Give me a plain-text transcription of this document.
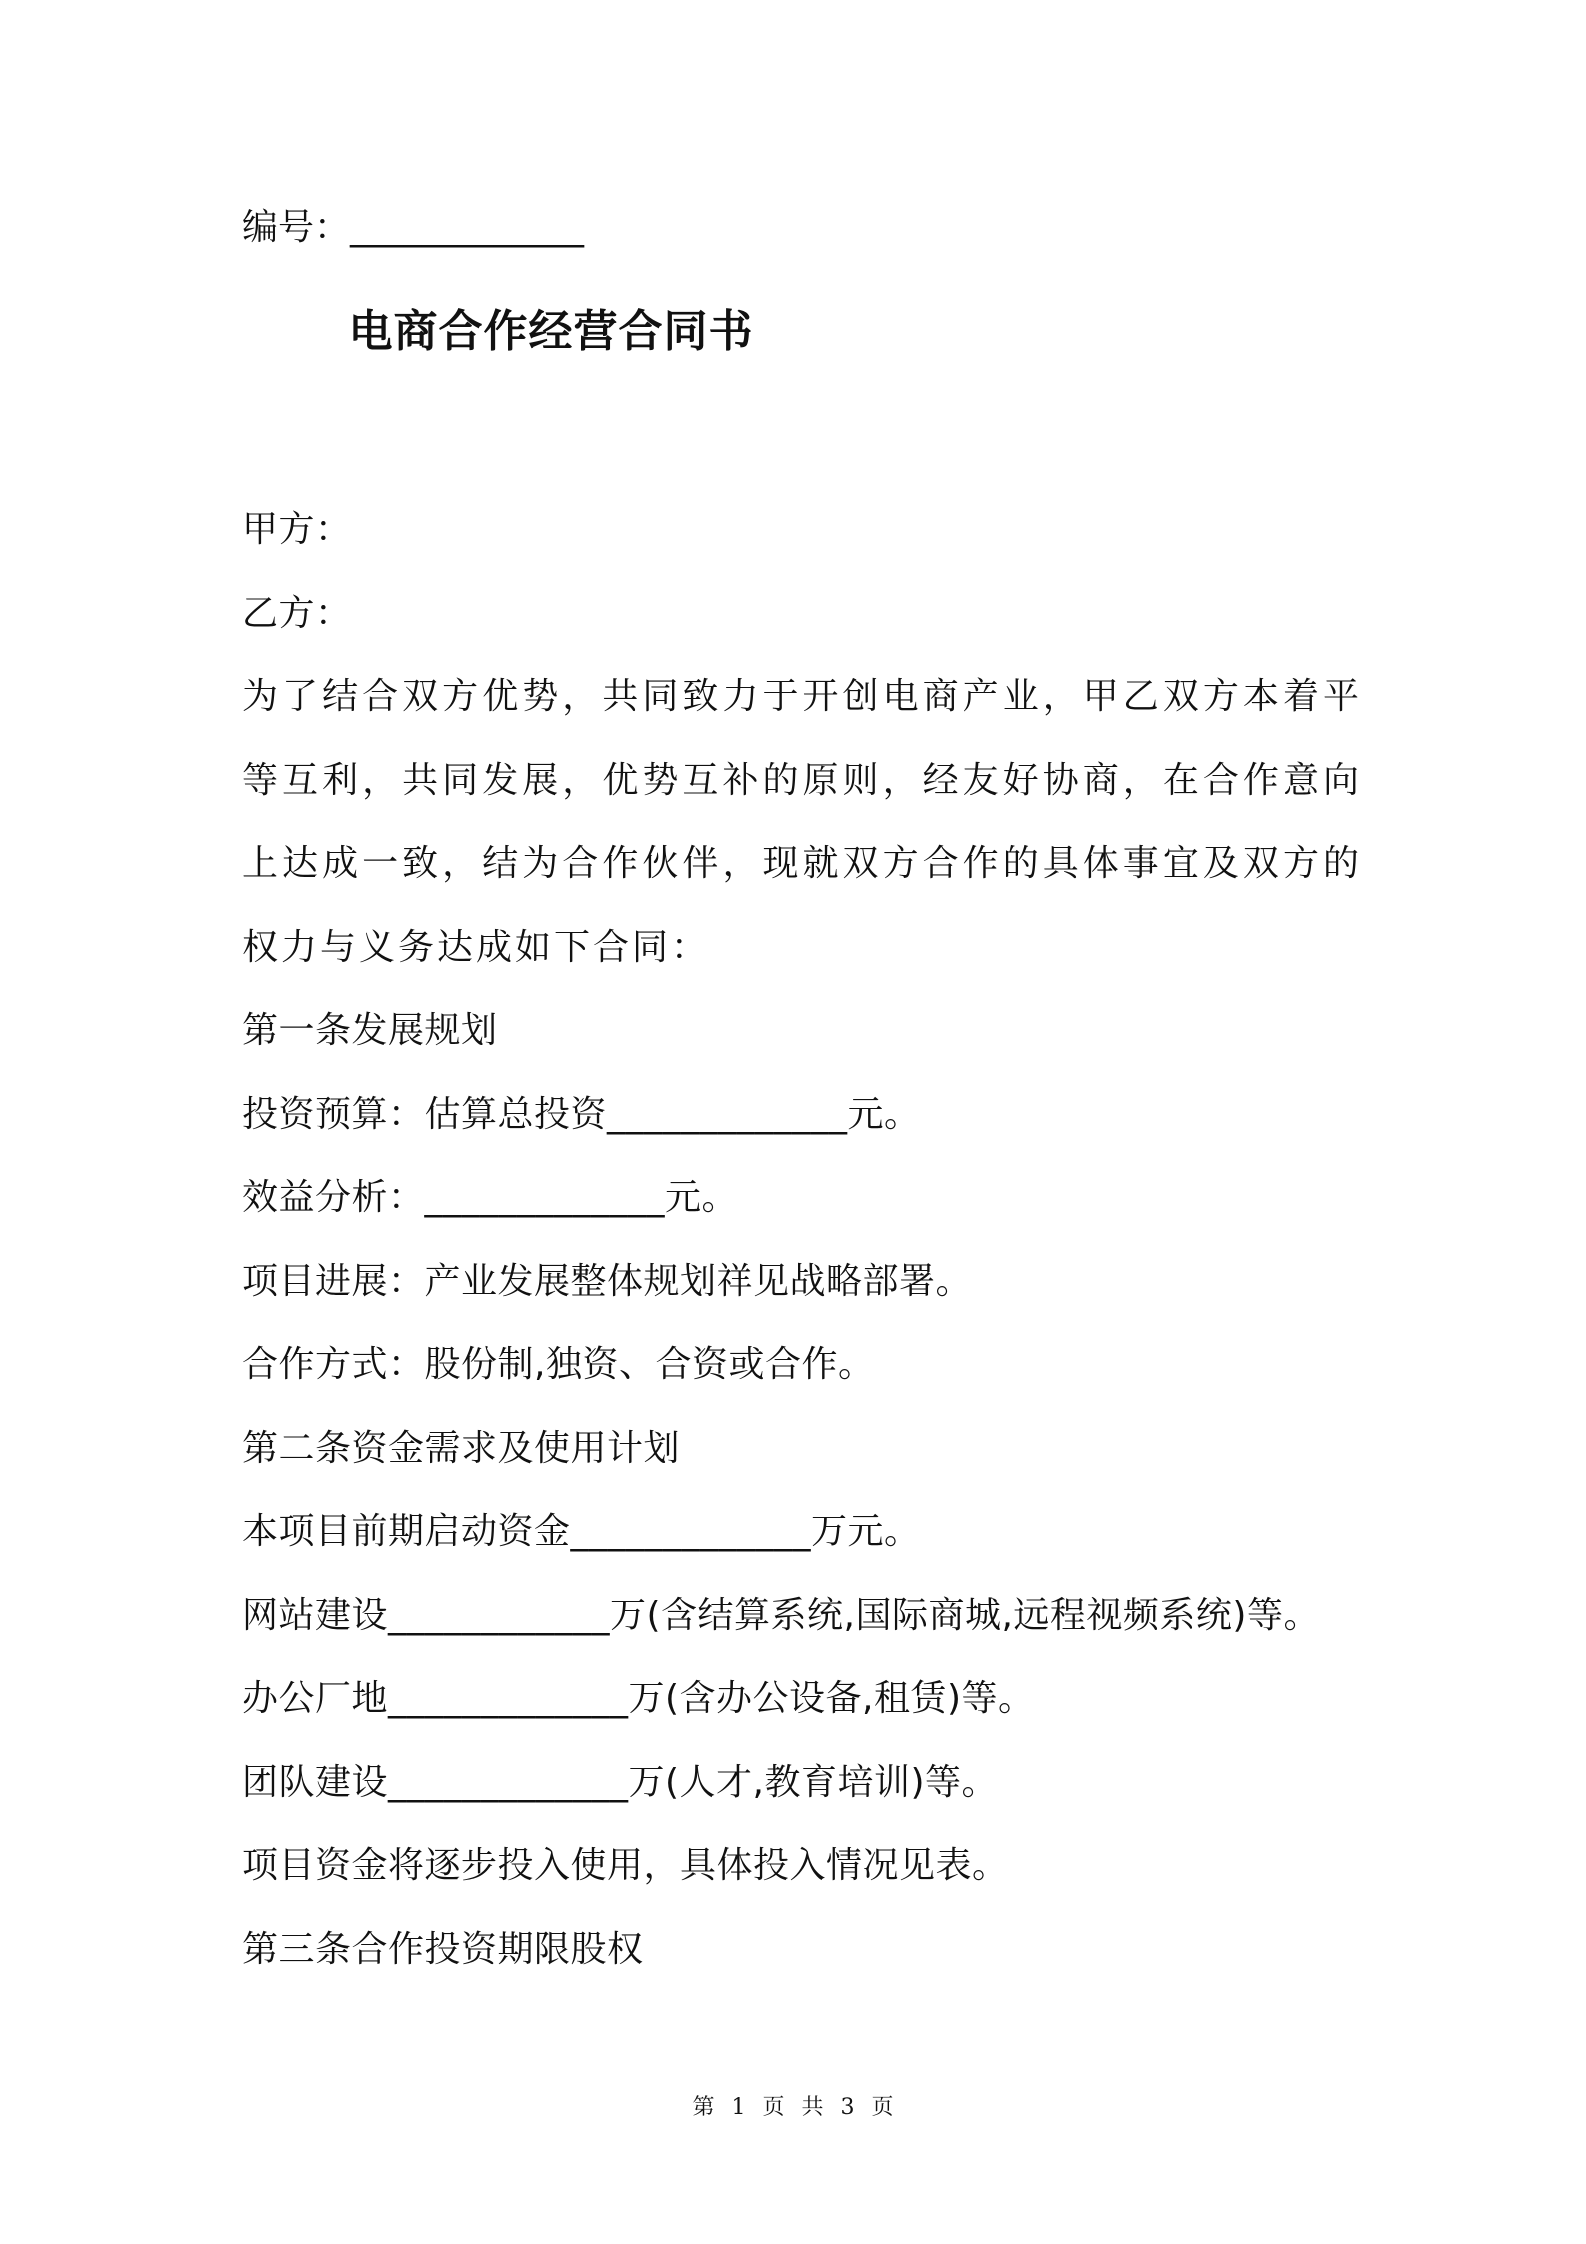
编号：_____________
甲方：
乙方：
为了结合双方优势，共同致力于开创电商产业，甲乙双方本着平等互利，共同发展，优势互补的原则，经友好协商，在合作意向上达成一致，结为合作伙伴，现就双方合作的具体事宜及双方的权力与义务达成如下合同：
第一条发展规划
投资预算：估算总投资_____________元。
效益分析：_____________元。
项目进展：产业发展整体规划祥见战略部署。
合作方式：股份制,独资、合资或合作。
第二条资金需求及使用计划
本项目前期启动资金_____________万元。
网站建设____________万(含结算系统,国际商城,远程视频系统)等。
办公厂地_____________万(含办公设备,租赁)等。
团队建设_____________万(人才,教育培训)等。
项目资金将逐步投入使用，具体投入情况见表。
第三条合作投资期限股权
电商合作经营合同书
第 1 页 共 3 页
